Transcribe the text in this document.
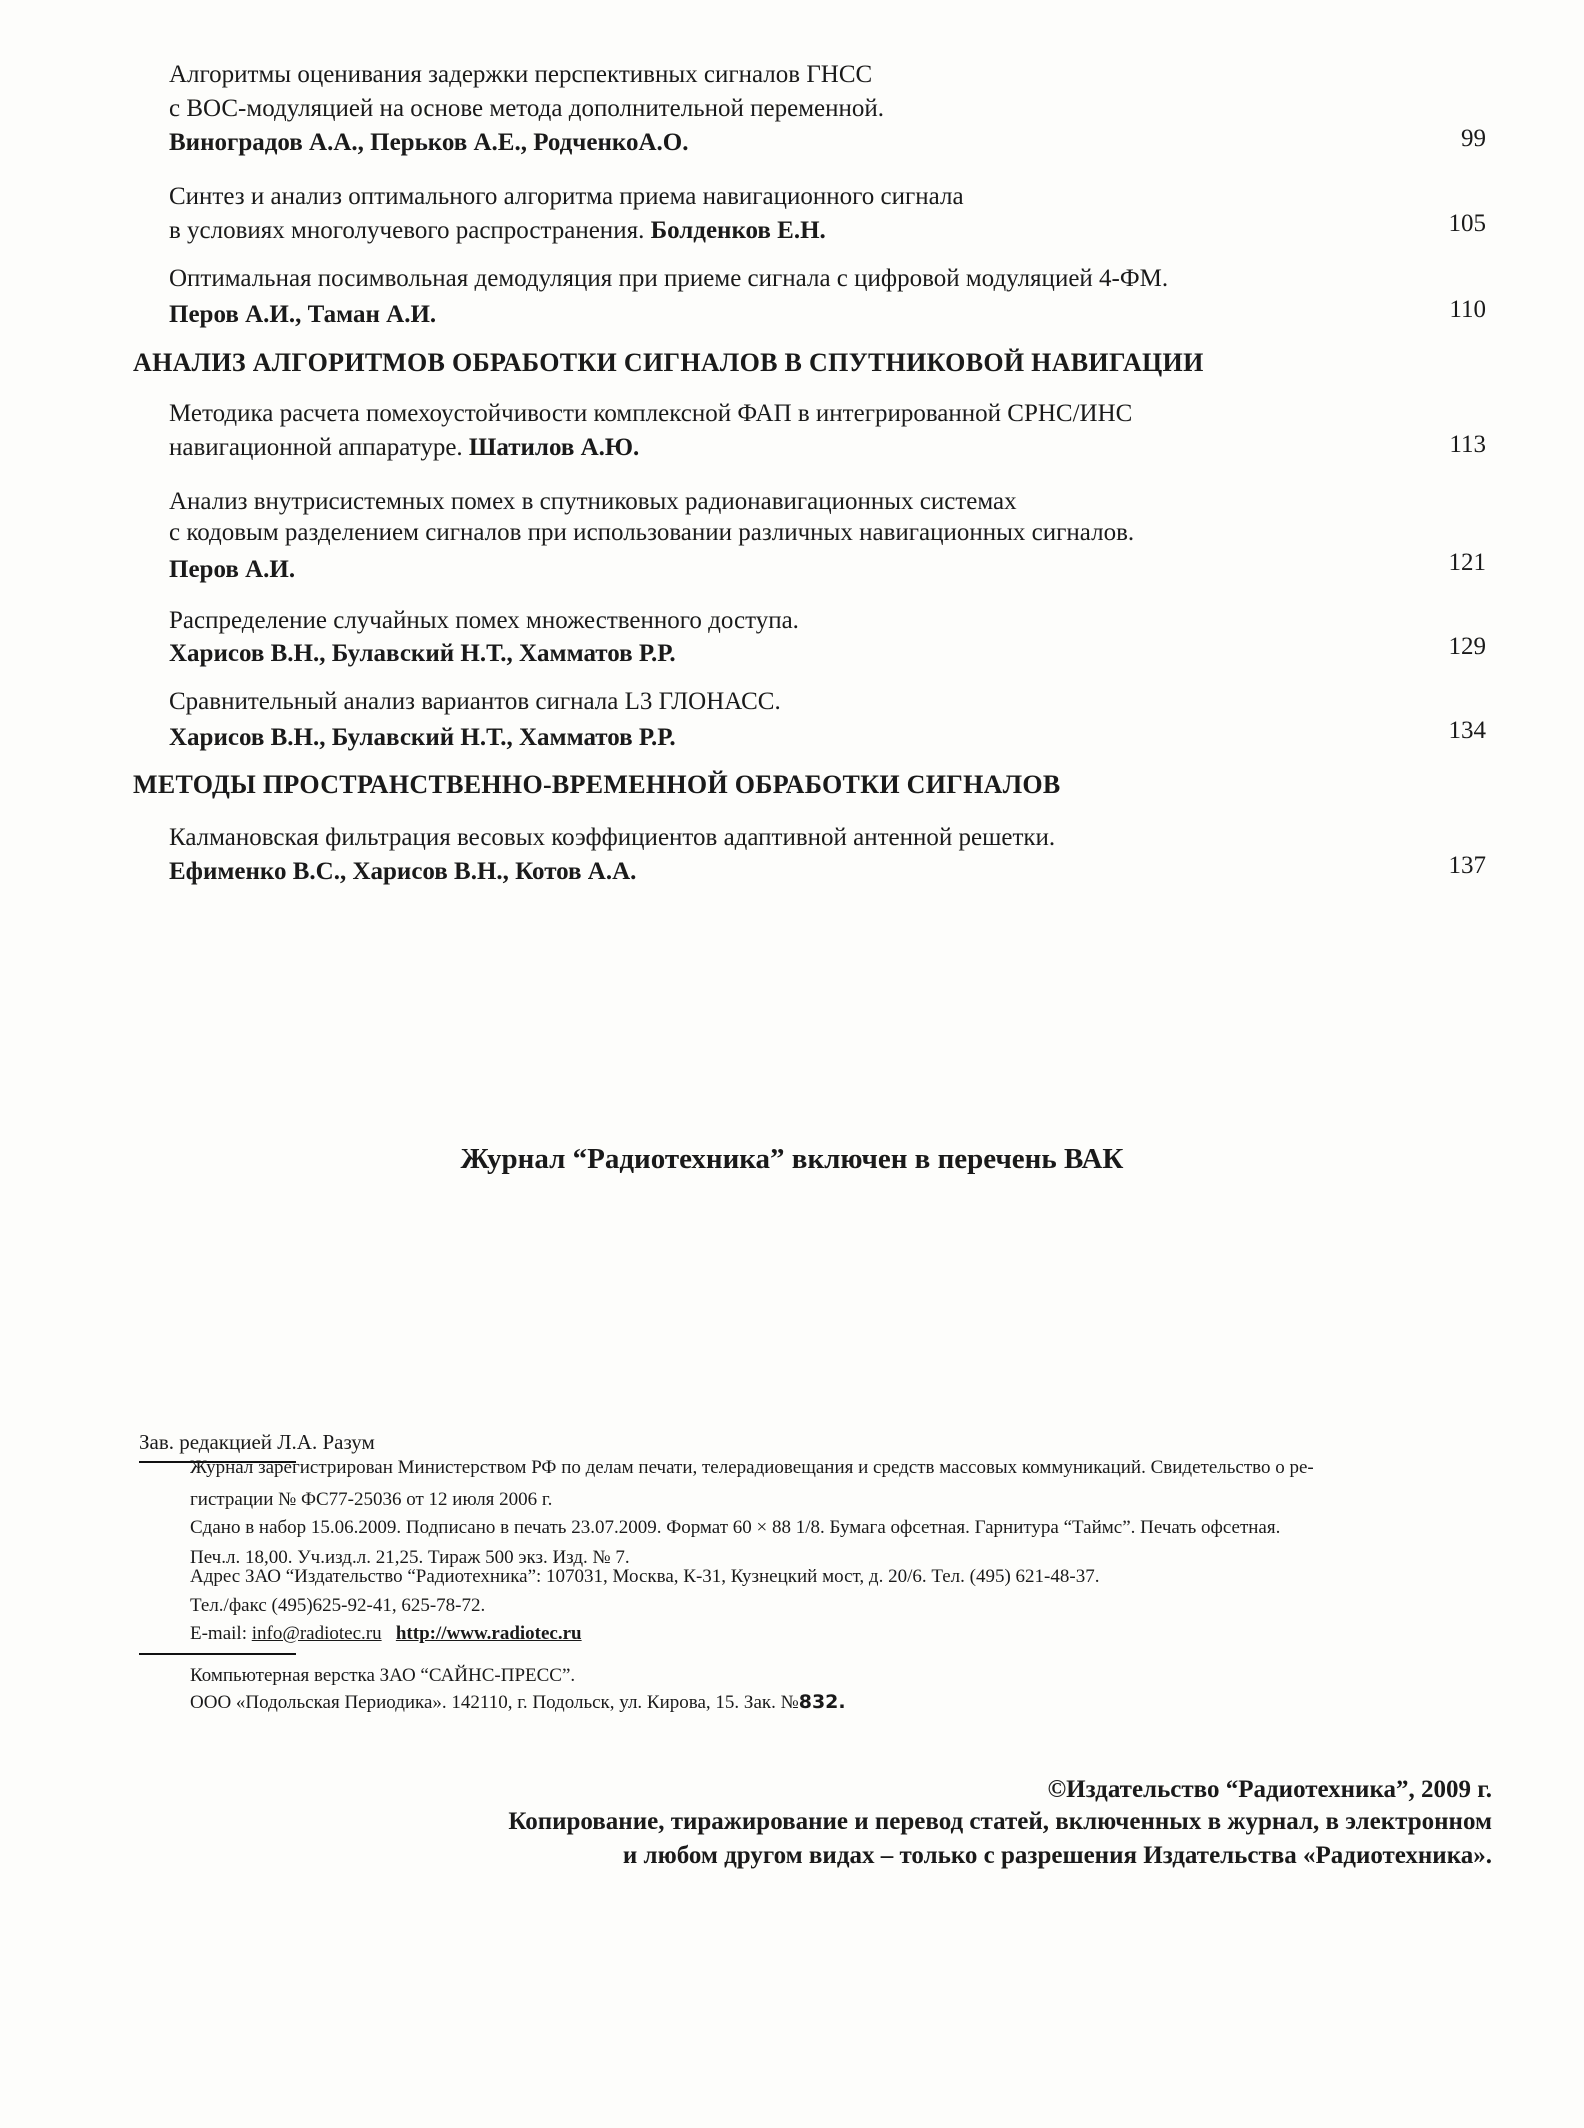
Алгоритмы оценивания задержки перспективных сигналов ГНСС
с ВОС-модуляцией на основе метода дополнительной переменной.
Виноградов А.А., Перьков А.Е., РодченкоА.О.	99
Синтез и анализ оптимального алгоритма приема навигационного сигнала
в условиях многолучевого распространения. Болденков Е.Н.	105
Оптимальная посимвольная демодуляция при приеме сигнала с цифровой модуляцией 4-ФМ.
Перов А.И., Таман А.И.	110
АНАЛИЗ АЛГОРИТМОВ ОБРАБОТКИ СИГНАЛОВ В СПУТНИКОВОЙ НАВИГАЦИИ
Методика расчета помехоустойчивости комплексной ФАП в интегрированной СРНС/ИНС
навигационной аппаратуре. Шатилов А.Ю.	113
Анализ внутрисистемных помех в спутниковых радионавигационных системах
с кодовым разделением сигналов при использовании различных навигационных сигналов.
Перов А.И.	121
Распределение случайных помех множественного доступа.
Харисов В.Н., Булавский Н.Т., Хамматов Р.Р.	129
Сравнительный анализ вариантов сигнала L3 ГЛОНАСС.
Харисов В.Н., Булавский Н.Т., Хамматов Р.Р.	134
МЕТОДЫ ПРОСТРАНСТВЕННО-ВРЕМЕННОЙ ОБРАБОТКИ СИГНАЛОВ
Калмановская фильтрация весовых коэффициентов адаптивной антенной решетки.
Ефименко В.С., Харисов В.Н., Котов А.А.	137
Журнал “Радиотехника” включен в перечень ВАК
Зав. редакцией Л.А. Разум
Журнал зарегистрирован Министерством РФ по делам печати, телерадиовещания и средств массовых коммуникаций. Свидетельство о ре-
гистрации № ФС77-25036 от 12 июля 2006 г.
Сдано в набор 15.06.2009. Подписано в печать 23.07.2009. Формат 60 × 88 1/8. Бумага офсетная. Гарнитура “Таймс”. Печать офсетная.
Печ.л. 18,00. Уч.изд.л. 21,25. Тираж 500 экз. Изд. № 7.
Адрес ЗАО “Издательство “Радиотехника”: 107031, Москва, К-31, Кузнецкий мост, д. 20/6. Тел. (495) 621-48-37.
Тел./факс (495)625-92-41, 625-78-72.
E-mail: info@radiotec.ru http://www.radiotec.ru
Компьютерная верстка ЗАО “САЙНС-ПРЕСС”.
ООО «Подольская Периодика». 142110, г. Подольск, ул. Кирова, 15. Зак. №832.
©Издательство “Радиотехника”, 2009 г.
Копирование, тиражирование и перевод статей, включенных в журнал, в электронном
и любом другом видах – только с разрешения Издательства «Радиотехника».
